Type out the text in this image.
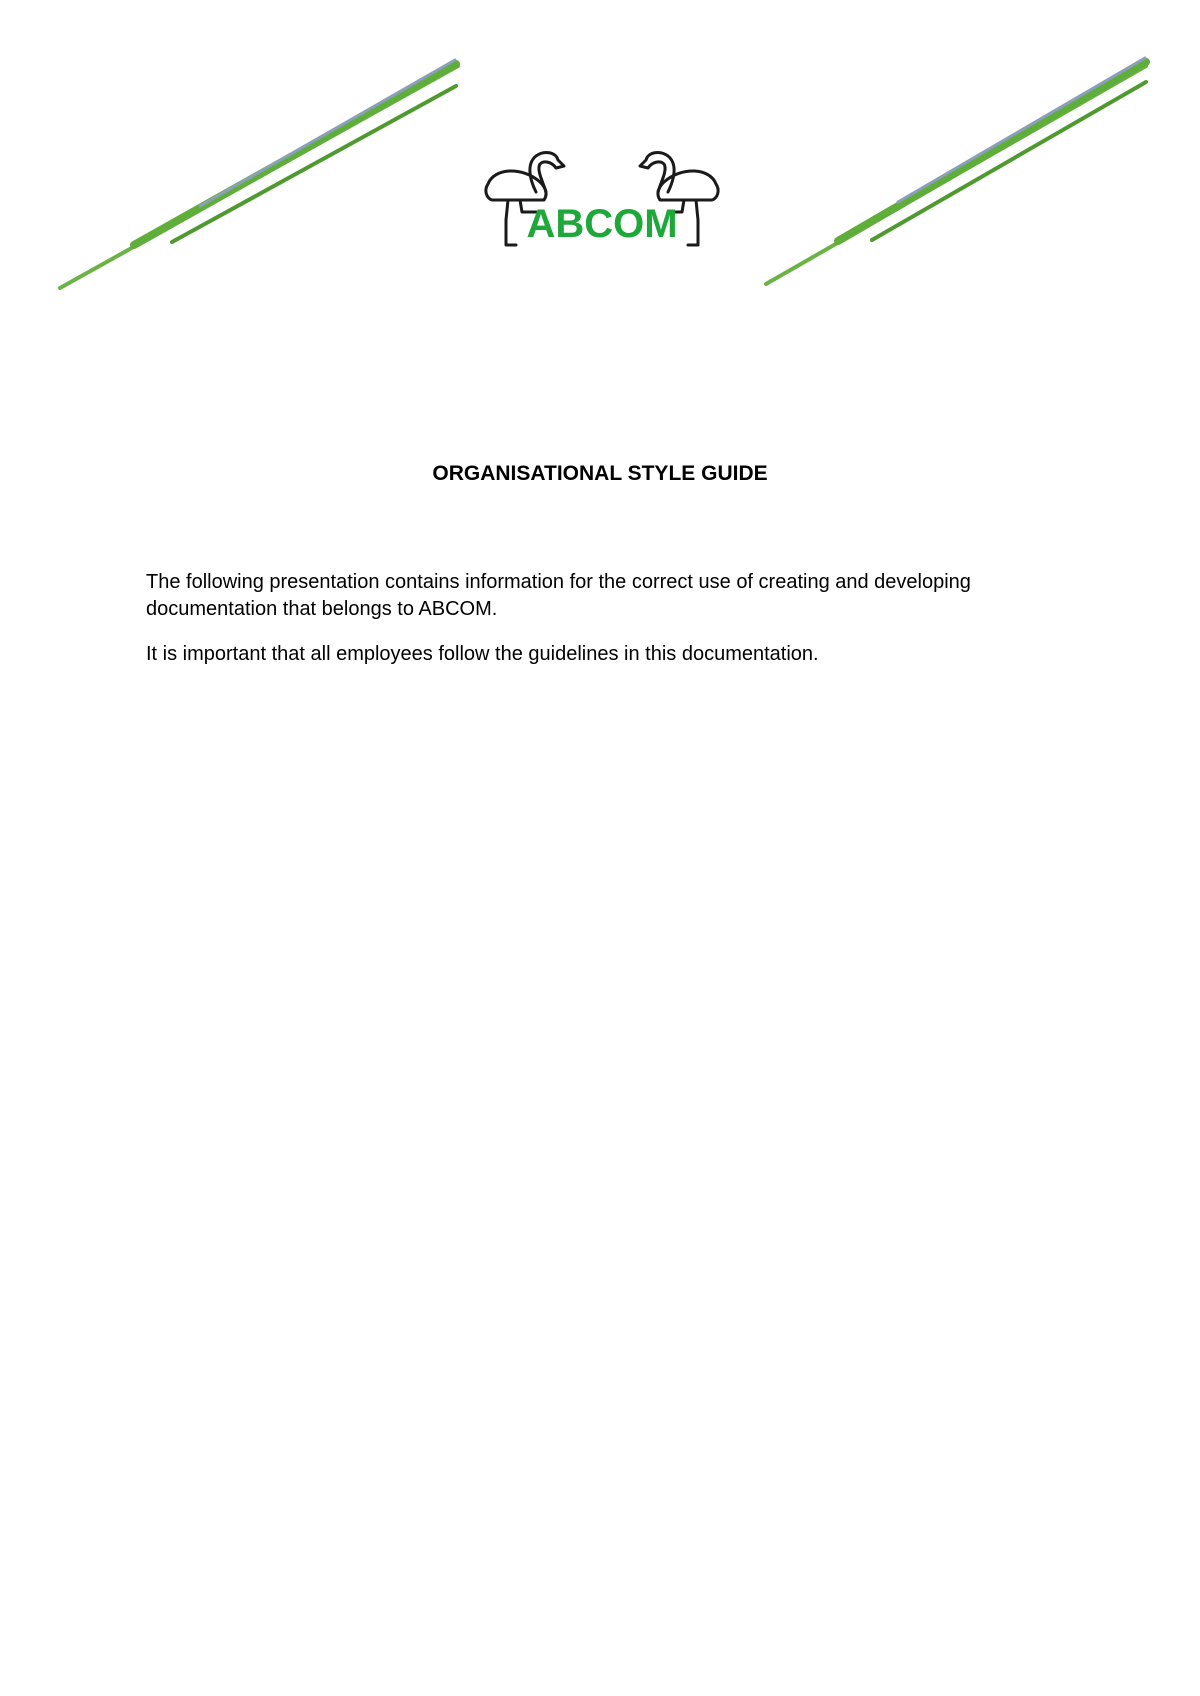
ABCOM
ORGANISATIONAL STYLE GUIDE

The following presentation contains information for the correct use of creating and developing documentation that belongs to ABCOM.

It is important that all employees follow the guidelines in this documentation.
